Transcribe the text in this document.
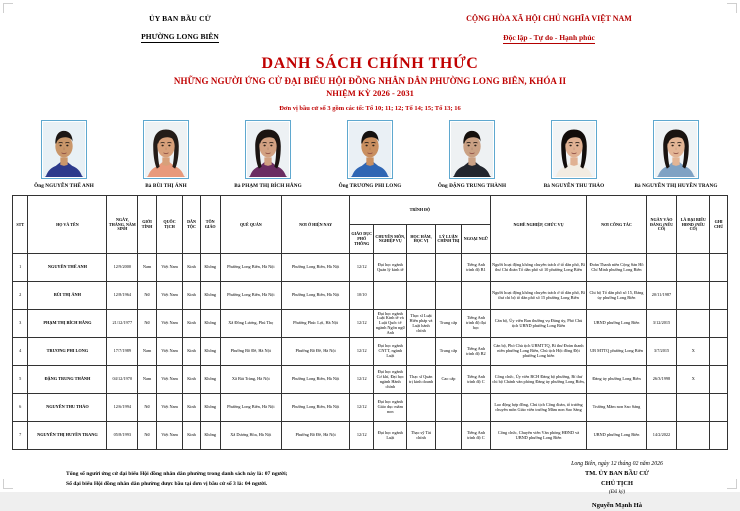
ỦY BAN BẦU CỬ
PHƯỜNG LONG BIÊN
CỘNG HÒA XÃ HỘI CHỦ NGHĨA VIỆT NAM
Độc lập - Tự do - Hạnh phúc
DANH SÁCH CHÍNH THỨC
NHỮNG NGƯỜI ỨNG CỬ ĐẠI BIỂU HỘI ĐỒNG NHÂN DÂN PHƯỜNG LONG BIÊN, KHÓA II
NHIỆM KỲ 2026 - 2031
Đơn vị bầu cử số 3 gồm các tổ: Tổ 10; 11; 12; Tổ 14; 15; Tổ 13; 16
Ông NGUYỄN THẾ ANH	Bà BÙI THỊ ÁNH	Bà PHẠM THỊ BÍCH HẰNG	Ông TRƯƠNG PHI LONG	Ông ĐẶNG TRUNG THÀNH	Bà NGUYỄN THU THẢO	Bà NGUYỄN THỊ HUYỀN TRANG
STT	HỌ VÀ TÊN	NGÀY, THÁNG, NĂM SINH	GIỚI TÍNH	QUỐC TỊCH	DÂN TỘC	TÔN GIÁO	QUÊ QUÁN	NƠI Ở HIỆN NAY	TRÌNH ĐỘ					NGHỀ NGHIỆP, CHỨC VỤ	NƠI CÔNG TÁC	NGÀY VÀO ĐẢNG (NẾU CÓ)	LÀ ĐẠI BIỂU HĐND (NẾU CÓ)	GHI CHÚ
									GIÁO DỤC PHỔ THÔNG	CHUYÊN MÔN, NGHIỆP VỤ	HỌC HÀM, HỌC VỊ	LÝ LUẬN CHÍNH TRỊ	NGOẠI NGỮ					
1	NGUYỄN THẾ ANH	12/9/2000	Nam	Việt Nam	Kinh	Không	Phường Long Biên, Hà Nội	Phường Long Biên, Hà Nội	12/12	Đại học ngành Quản lý kinh tế			Tiếng Anh trình độ B1	Người hoạt động không chuyên trách ở tổ dân phố, Bí thư Chi đoàn Tổ dân phố số 10 phường Long Biên	Đoàn Thanh niên Cộng Sản Hồ Chí Minh phường Long Biên			
2	BÙI THỊ ÁNH	12/8/1964	Nữ	Việt Nam	Kinh	Không	Phường Long Biên, Hà Nội	Phường Long Biên, Hà Nội	10/10					Người hoạt động không chuyên trách ở tổ dân phố, Bí thư chi bộ tổ dân phố số 15 phường Long Biên	Chi bộ Tổ dân phố số 15, Đảng ủy phường Long Biên	20/11/1987		
3	PHẠM THỊ BÍCH HẰNG	21/12/1977	Nữ	Việt Nam	Kinh	Không	Xã Đồng Lương, Phú Thọ	Phường Phúc Lợi, Hà Nội	12/12	Đại học ngành Luật Kinh tế và Luật Quốc tế ngành Ngôn ngữ Anh	Thạc sĩ Luật Hiến pháp và Luật hành chính	Trung cấp	Tiếng Anh trình độ đại học	Cán bộ, Ủy viên Ban thường vụ Đảng ủy, Phó Chủ tịch UBND phường Long Biên	UBND phường Long Biên	3/12/2015		
4	TRƯƠNG PHI LONG	17/7/1989	Nam	Việt Nam	Kinh	Không	Phường Bồ Đề, Hà Nội	Phường Bồ Đề, Hà Nội	12/12	Đại học ngành CNTT, ngành Luật		Trung cấp	Tiếng Anh trình độ B2	Cán bộ, Phó Chủ tịch UBMTTQ, Bí thư Đoàn thanh niên phường Long Biên, Chủ tịch Hội đồng Đội phường Long biên	UB MTTQ phường Long Biên	3/7/2015	X	
5	ĐẶNG TRUNG THÀNH	04/12/1970	Nam	Việt Nam	Kinh	Không	Xã Bát Tràng, Hà Nội	Phường Long Biên, Hà Nội	12/12	Đại học ngành Cơ khí, Đại học ngành Hành chính	Thạc sĩ Quản trị kinh doanh	Cao cấp	Tiếng Anh trình độ C	Công chức, Ủy viên BCH Đảng bộ phường, Bí thư chi bộ Chánh văn phòng Đảng ủy phường Long Biên,	Đảng ủy phường Long Biên	26/3/1998	X	
6	NGUYỄN THU THẢO	12/6/1994	Nữ	Việt Nam	Kinh	Không	Phường Long Biên, Hà Nội	Phường Long Biên, Hà Nội	12/12	Đại học ngành Giáo dục mầm non				Lao động hợp đồng, Chủ tịch Công đoàn, tổ trưởng chuyên môn Giáo viên trường Mầm non Sao Sáng	Trường Mầm non Sao Sáng			
7	NGUYỄN THỊ HUYỀN TRANG	05/8/1993	Nữ	Việt Nam	Kinh	Không	Xã Dương Hòa, Hà Nội	Phường Bồ Đề, Hà Nội	12/12	Đại học ngành Luật	Thạc sỹ Tài chính		Tiếng Anh trình độ C	Công chức, Chuyên viên Văn phòng HĐND và UBND phường Long Biên	UBND phường Long Biên	14/2/2022		
Tổng số người ứng cử đại biểu Hội đồng nhân dân phường trong danh sách này là: 07 người;
Số đại biểu Hội đồng nhân dân phường được bầu tại đơn vị bầu cử số 3 là: 04 người.
Long Biên, ngày 12 tháng 02 năm 2026
TM. ỦY BAN BẦU CỬ
CHỦ TỊCH
(Đã ký)
Nguyễn Mạnh Hà
